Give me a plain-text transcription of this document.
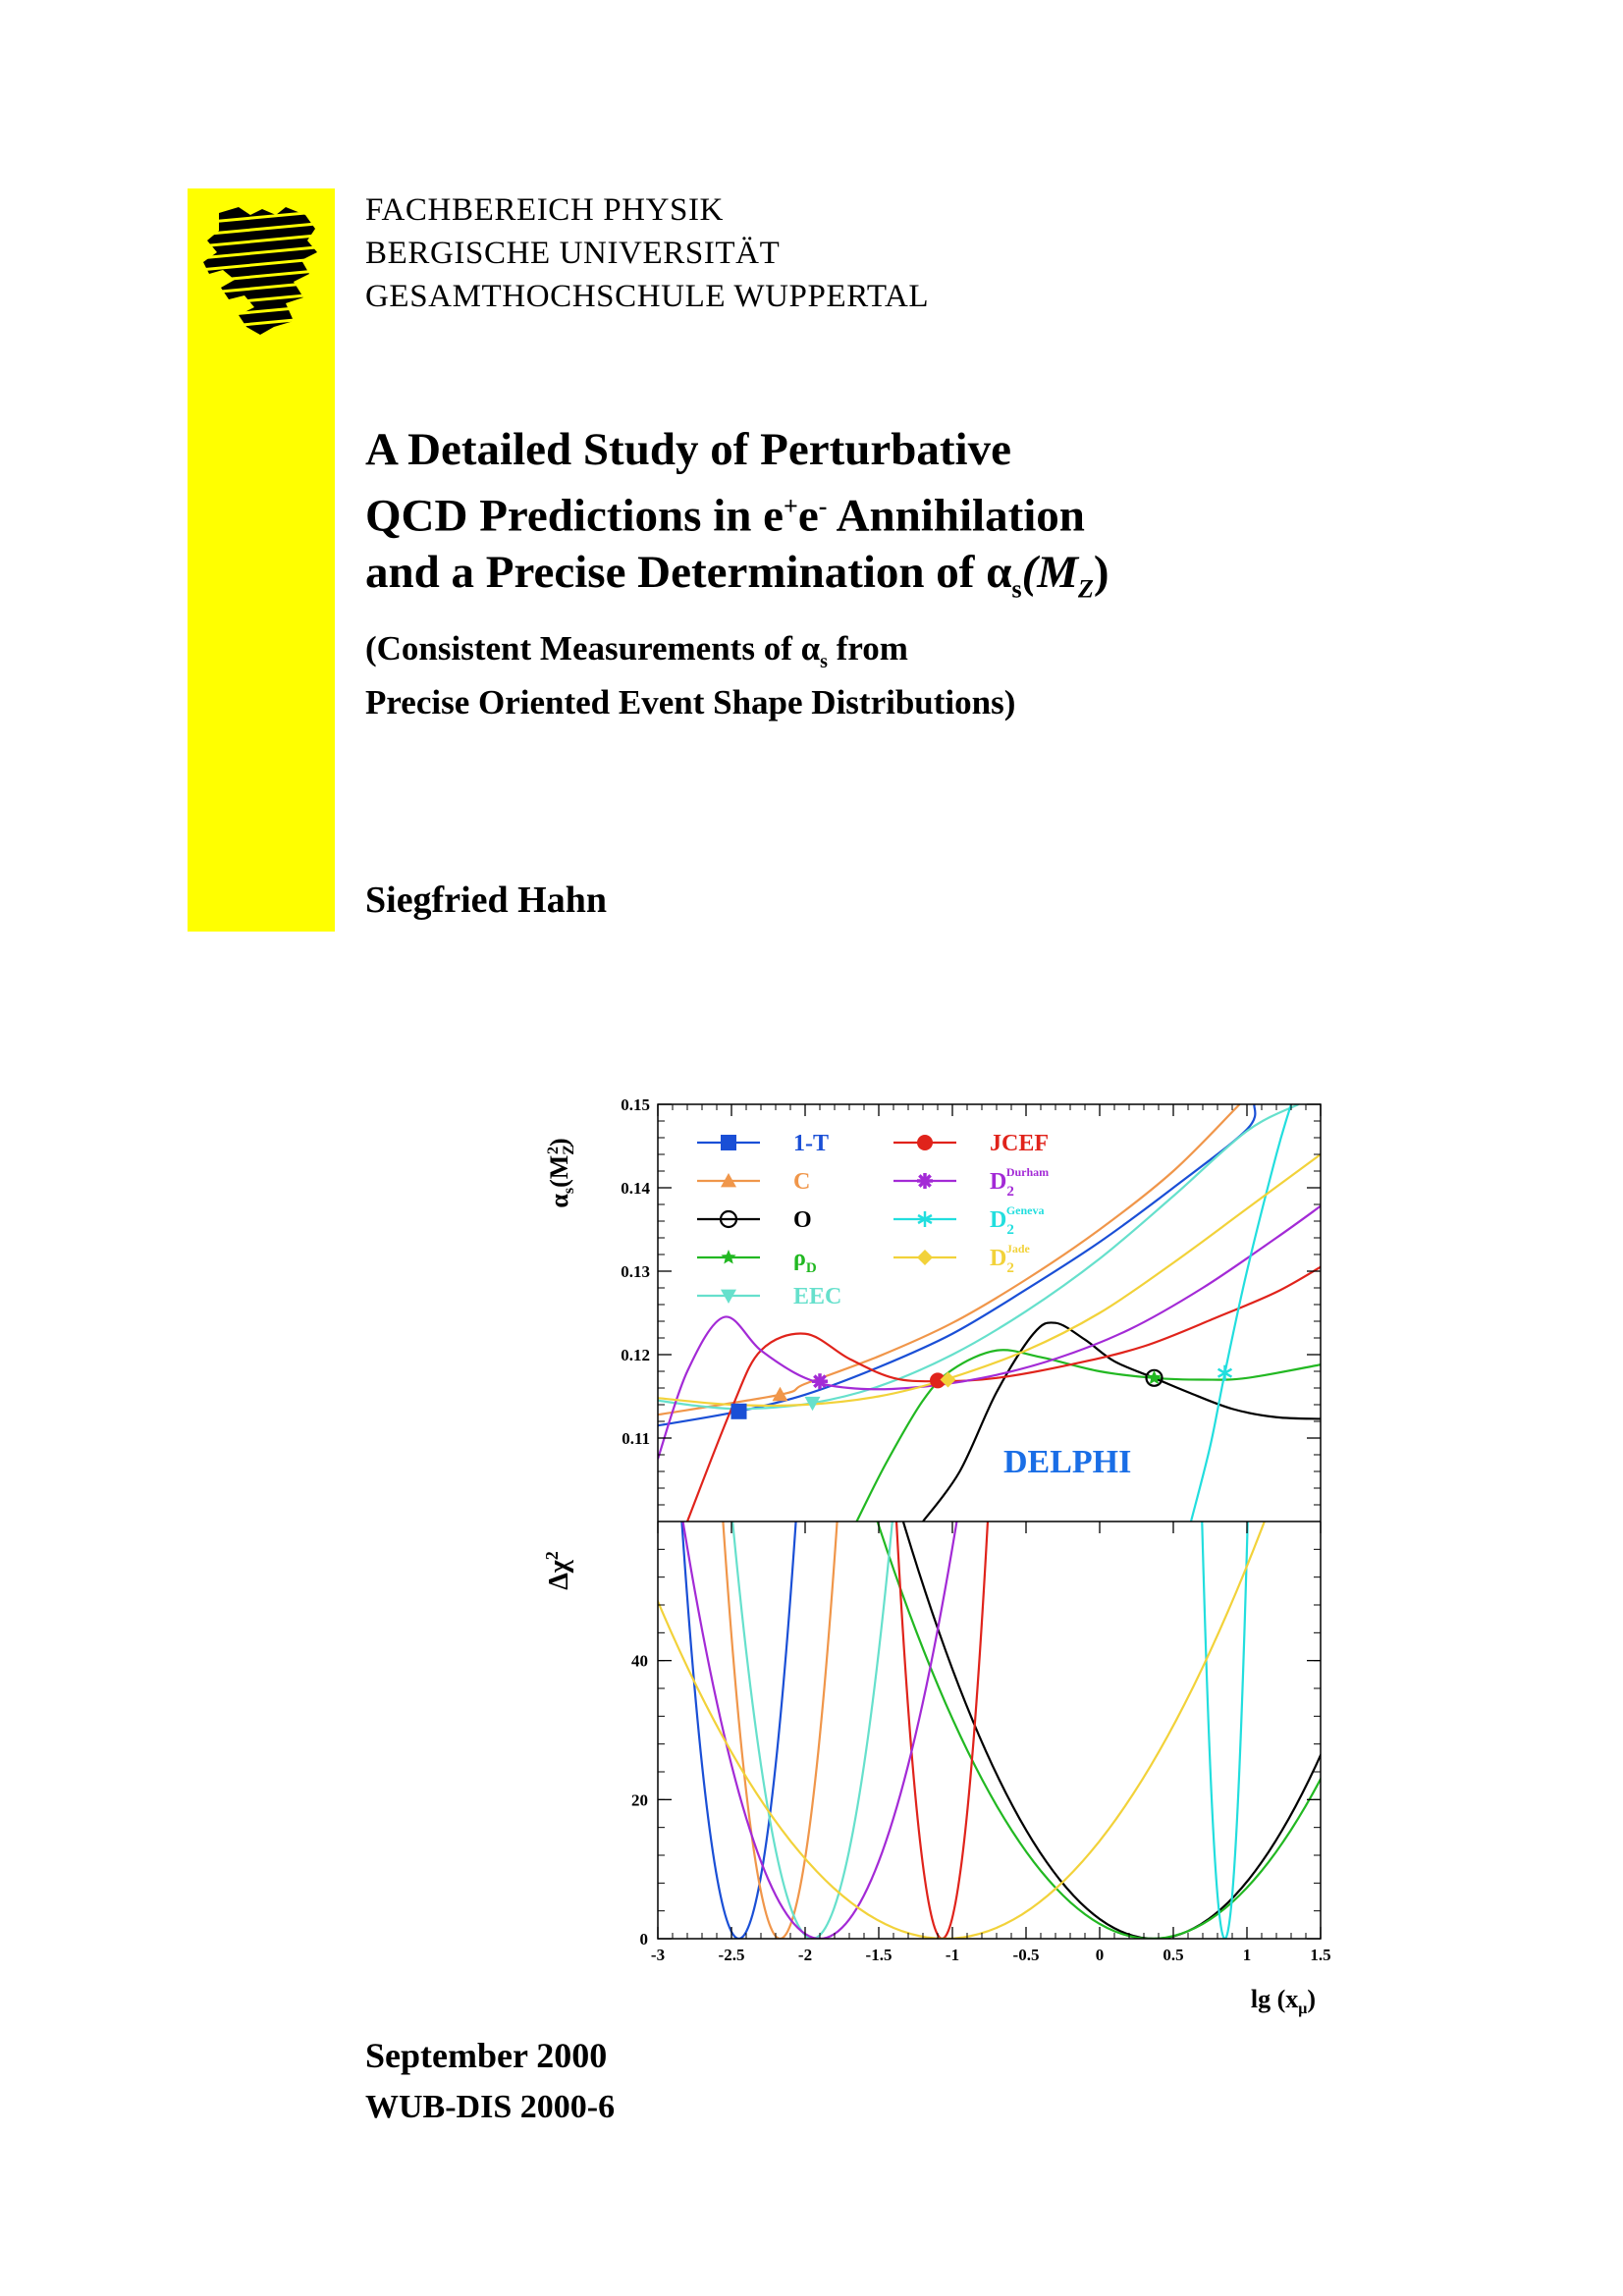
FACHBEREICH PHYSIK
BERGISCHE UNIVERSITÄT
GESAMTHOCHSCHULE WUPPERTAL
A Detailed Study of Perturbative
QCD Predictions in e+e- Annihilation
and a Precise Determination of $\alpha_s(M_Z)$
(Consistent Measurements of $\alpha_s$ from
Precise Oriented Event Shape Distributions)
Siegfried Hahn
-3	-2.5	-2	-1.5	-1	-0.5	0	0.5	1	1.5
0.11
0.12
0.13
0.14
0.15
0
20
40
1-T
C
O
$\rho_D$
EEC
JCEF
$D_2Durham$
$D_2Geneva$
$D_2Jade$
DELPHI
$\alpha_s(M_Z2)$
$\Delta\chi^2$
$\lg (x_\mu)$
September 2000
WUB-DIS 2000-6
